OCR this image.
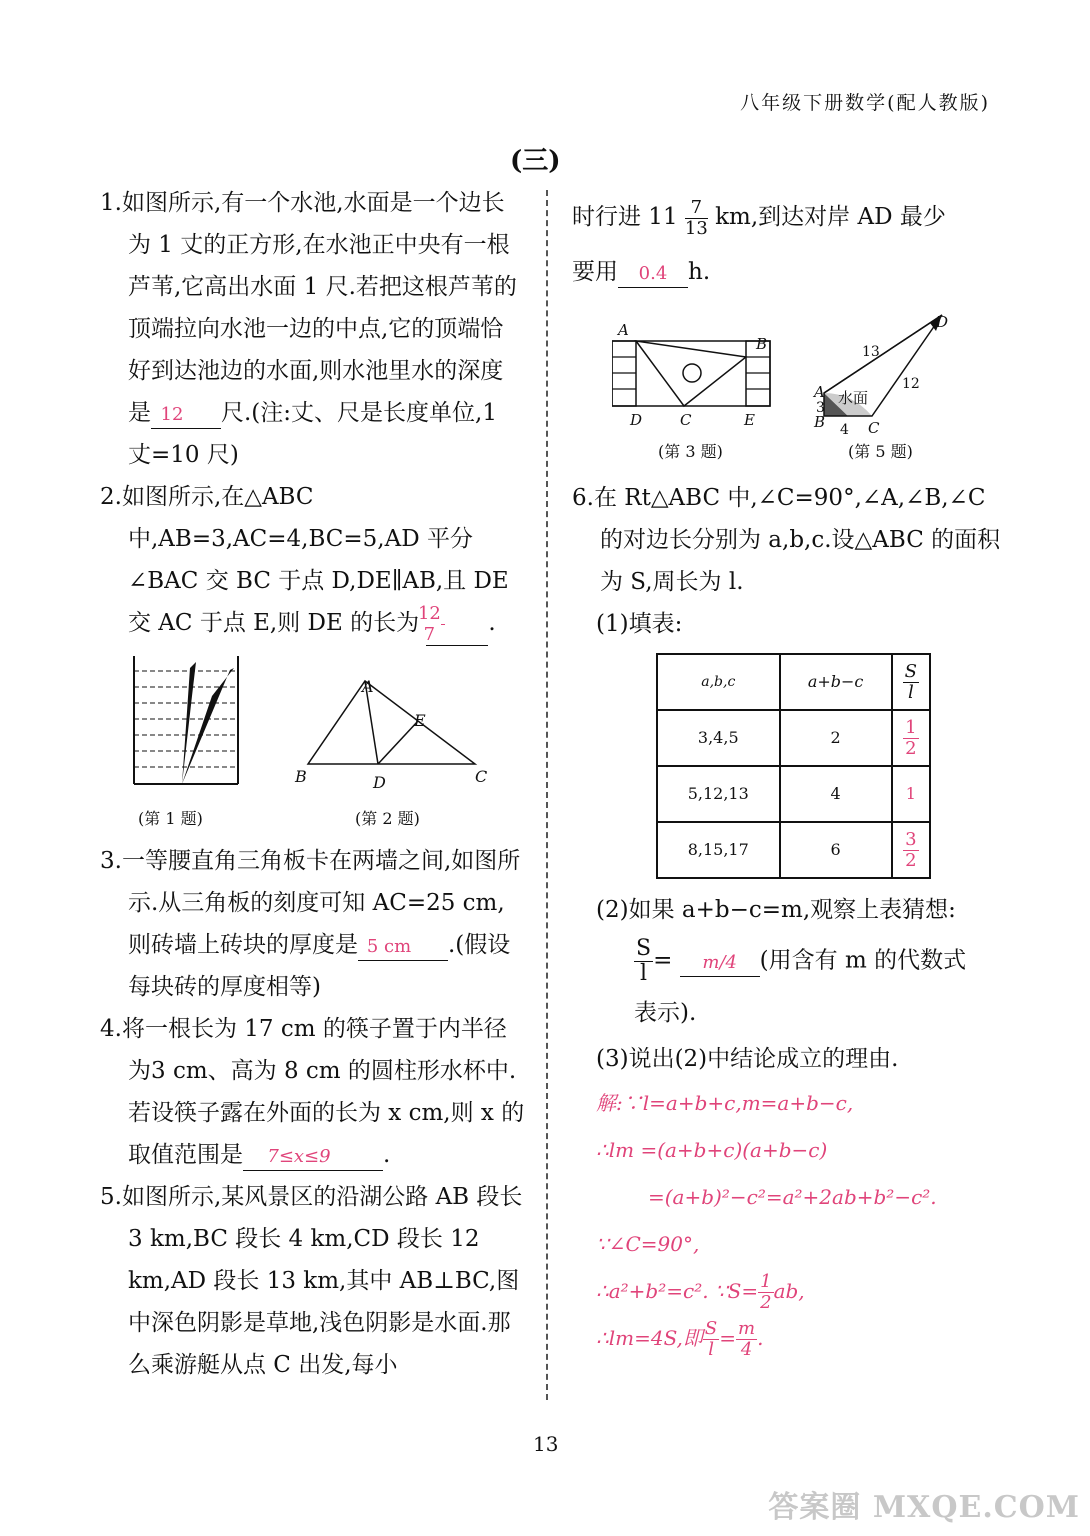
八年级下册数学(配人教版)
(三)

1.如图所示,有一个水池,水面是一个边长为 1 丈的正方形,在水池正中央有一根芦苇,它高出水面 1 尺.若把这根芦苇的顶端拉向水池一边的中点,它的顶端恰好到达池边的水面,则水池里水的深度是 12 尺.(注:丈、尺是长度单位,1 丈=10 尺)

2.如图所示,在△ABC 中,AB=3,AC=4,BC=5,AD 平分∠BAC 交 BC 于点 D,DE∥AB,且 DE 交 AC 于点 E,则 DE 的长为 $\frac{12}{7}$ .

(第 1 题)
A
B	C
D
E
(第 2 题)

3.一等腰直角三角板卡在两墙之间,如图所示.从三角板的刻度可知 AC=25 cm,则砖墙上砖块的厚度是 5 cm .(假设每块砖的厚度相等)

4.将一根长为 17 cm 的筷子置于内半径为3 cm、高为 8 cm 的圆柱形水杯中.若设筷子露在外面的长为 x cm,则 x 的取值范围是 7≤x≤9 .

5.如图所示,某风景区的沿湖公路 AB 段长 3 km,BC 段长 4 km,CD 段长 12 km,AD 段长 13 km,其中 AB⊥BC,图中深色阴影是草地,浅色阴影是水面.那么乘游艇从点 C 出发,每小

时行进 $11 \frac{7}{13}$ km,到达对岸 AD 最少

要用 0.4 h.

A
B
C
D	E
(第 3 题)
A
B	C
D
水面
3
4
12
13
(第 5 题)

6.在 Rt△ABC 中,∠C=90°,∠A,∠B,∠C 的对边长分别为 a,b,c.设△ABC 的面积为 S,周长为 l.

(1)填表:

a,b,c	a+b−c	$\frac{S}{l}$

3,4,5	2	$\frac{1}{2}$

5,12,13	4	1
8,15,17	6	$\frac{3}{2}$

(2)如果 a+b−c=m,观察上表猜想:

$\frac{S}{l} = m/4$ (用含有 m 的代数式

表示).

(3)说出(2)中结论成立的理由.

解:∵l=a+b+c,m=a+b−c,
∴lm =(a+b+c)(a+b−c)
=(a+b)²−c²=a²+2ab+b²−c².
∵∠C=90°,
∴a²+b²=c². ∵S= $\frac{1}{2}$ ab,
∴lm=4S,即 $\frac{S}{l} = \frac{m}{4}$ .
13
答案圈 MXQE.COM
